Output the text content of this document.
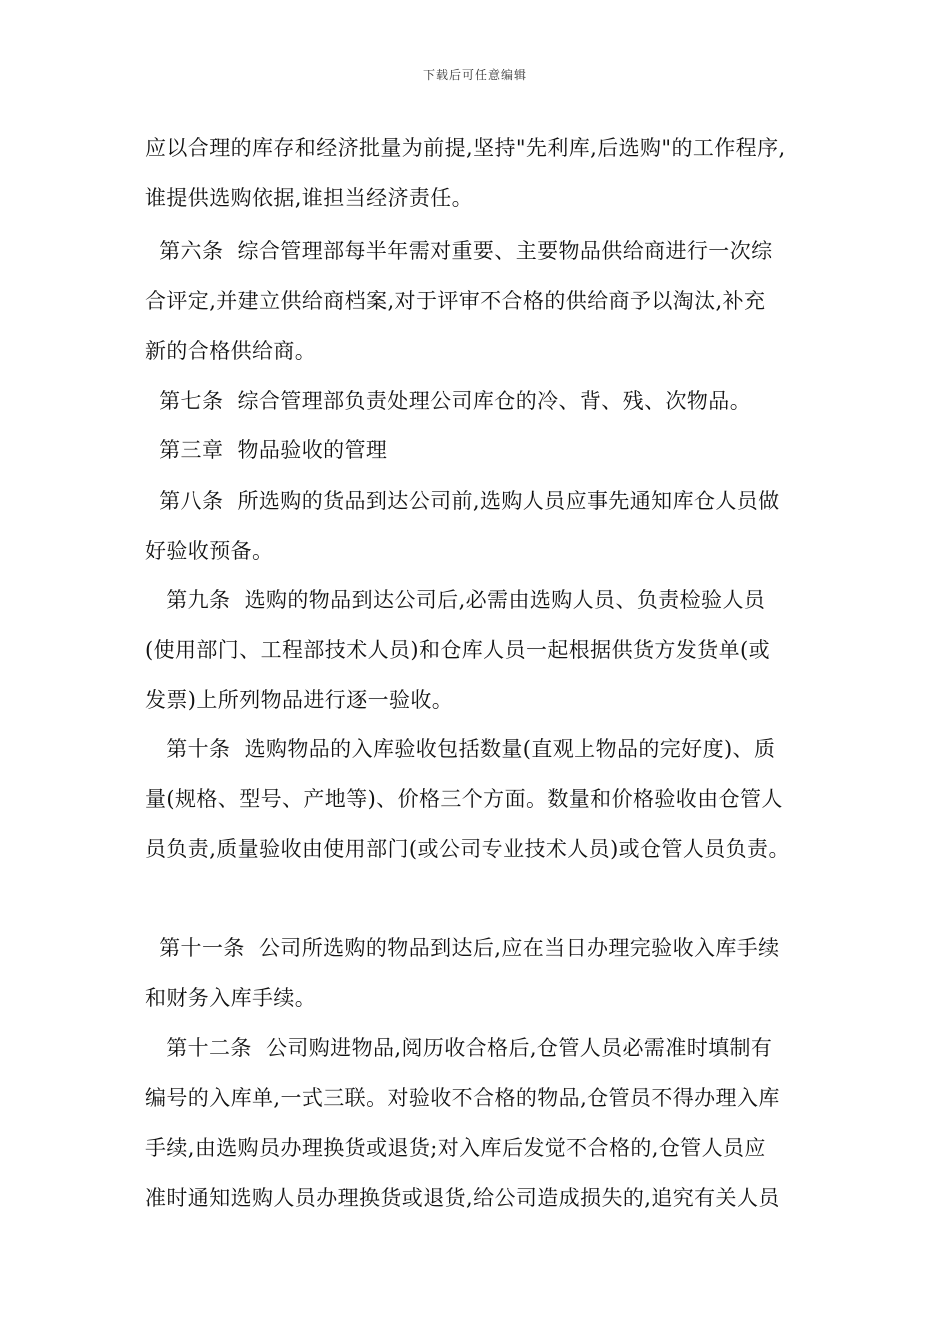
下载后可任意编辑
应以合理的库存和经济批量为前提,坚持"先利库,后选购"的工作程序,
谁提供选购依据,谁担当经济责任。
第六条  综合管理部每半年需对重要、主要物品供给商进行一次综
合评定,并建立供给商档案,对于评审不合格的供给商予以淘汰,补充
新的合格供给商。
第七条  综合管理部负责处理公司库仓的冷、背、残、次物品。
第三章  物品验收的管理
第八条  所选购的货品到达公司前,选购人员应事先通知库仓人员做
好验收预备。
第九条  选购的物品到达公司后,必需由选购人员、负责检验人员
(使用部门、工程部技术人员)和仓库人员一起根据供货方发货单(或
发票)上所列物品进行逐一验收。
第十条  选购物品的入库验收包括数量(直观上物品的完好度)、质
量(规格、型号、产地等)、价格三个方面。数量和价格验收由仓管人
员负责,质量验收由使用部门(或公司专业技术人员)或仓管人员负责。
第十一条  公司所选购的物品到达后,应在当日办理完验收入库手续
和财务入库手续。
第十二条  公司购进物品,阅历收合格后,仓管人员必需准时填制有
编号的入库单,一式三联。对验收不合格的物品,仓管员不得办理入库
手续,由选购员办理换货或退货;对入库后发觉不合格的,仓管人员应
准时通知选购人员办理换货或退货,给公司造成损失的,追究有关人员
